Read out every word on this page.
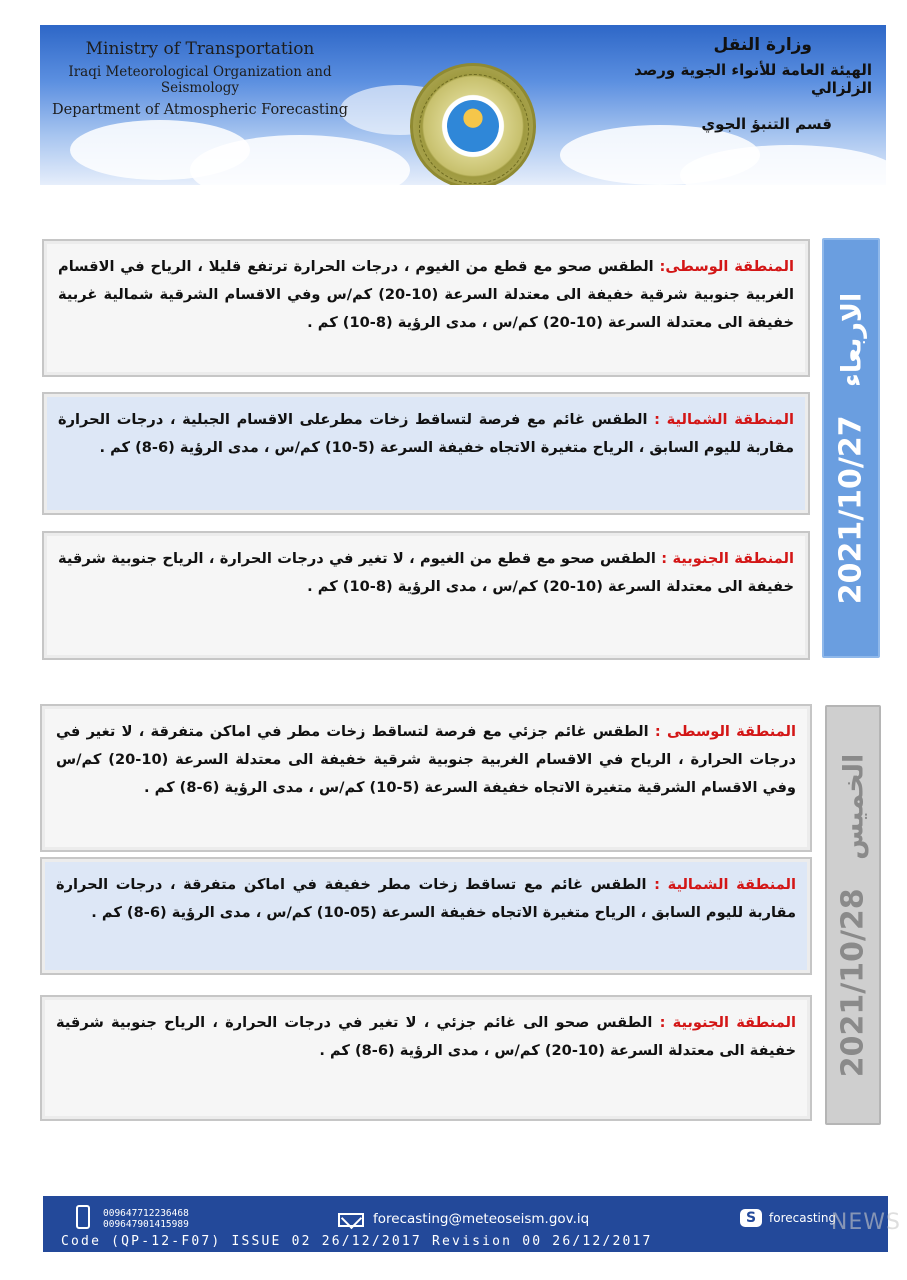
Ministry of Transportation
Iraqi Meteorological Organization and Seismology
Department of Atmospheric Forecasting
وزارة النقل
الهيئة العامة للأنواء الجوية ورصد الزلزالي
قسم التنبؤ الجوي
2021/10/27 الاربعاء
المنطقة الوسطى: الطقس صحو مع قطع من الغيوم ، درجات الحرارة ترتفع قليلا ، الرياح في الاقسام الغربية جنوبية شرقية خفيفة الى معتدلة السرعة (10-20) كم/س وفي الاقسام الشرقية شمالية غربية خفيفة الى معتدلة السرعة (10-20) كم/س ، مدى الرؤية (8-10) كم .
المنطقة الشمالية : الطقس غائم مع فرصة لتساقط زخات مطرعلى الاقسام الجبلية ، درجات الحرارة مقاربة لليوم السابق ، الرياح متغيرة الاتجاه خفيفة السرعة (5-10) كم/س ، مدى الرؤية (6-8) كم .
المنطقة الجنوبية : الطقس صحو مع قطع من الغيوم ، لا تغير في درجات الحرارة ، الرياح جنوبية شرقية خفيفة الى معتدلة السرعة (10-20) كم/س ، مدى الرؤية (8-10) كم .
2021/10/28 الخميس
المنطقة الوسطى : الطقس غائم جزئي مع فرصة لتساقط زخات مطر في اماكن متفرقة ، لا تغير في درجات الحرارة ، الرياح في الاقسام الغربية جنوبية شرقية خفيفة الى معتدلة السرعة (10-20) كم/س وفي الاقسام الشرقية متغيرة الاتجاه خفيفة السرعة (5-10) كم/س ، مدى الرؤية (6-8) كم .
المنطقة الشمالية : الطقس غائم مع تساقط زخات مطر خفيفة في اماكن متفرقة ، درجات الحرارة مقاربة لليوم السابق ، الرياح متغيرة الاتجاه خفيفة السرعة (05-10) كم/س ، مدى الرؤية (6-8) كم .
المنطقة الجنوبية : الطقس صحو الى غائم جزئي ، لا تغير في درجات الحرارة ، الرياح جنوبية شرقية خفيفة الى معتدلة السرعة (10-20) كم/س ، مدى الرؤية (6-8) كم .
009647712236468
009647901415989	forecasting@meteoseism.gov.iq	S	forecasting
Code (QP-12-F07) ISSUE 02 26/12/2017 Revision 00 26/12/2017
NEWS
